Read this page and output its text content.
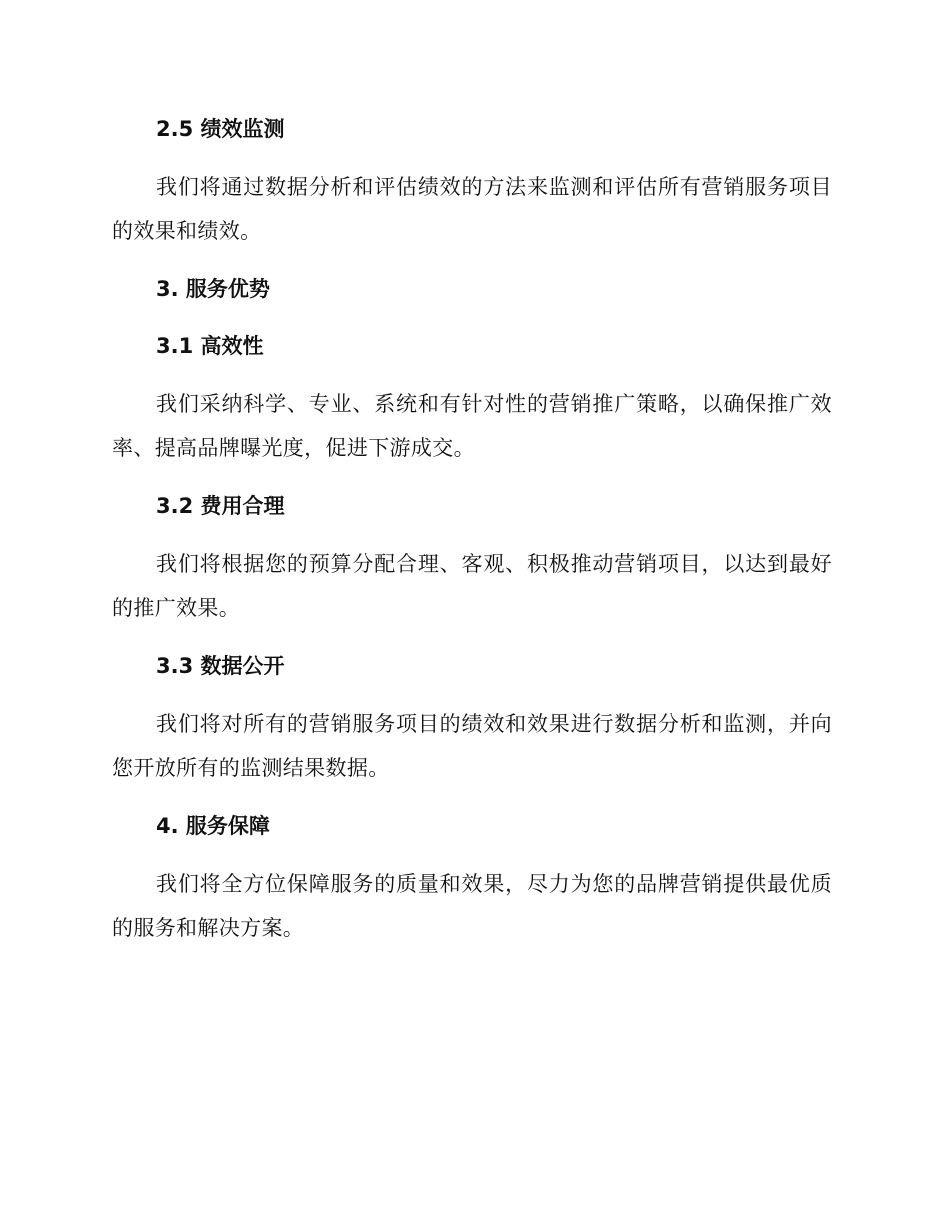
2.5 绩效监测

我们将通过数据分析和评估绩效的方法来监测和评估所有营销服务项目的效果和绩效。

3. 服务优势
3.1 高效性

我们采纳科学、专业、系统和有针对性的营销推广策略，以确保推广效率、提高品牌曝光度，促进下游成交。

3.2 费用合理

我们将根据您的预算分配合理、客观、积极推动营销项目，以达到最好的推广效果。

3.3 数据公开

我们将对所有的营销服务项目的绩效和效果进行数据分析和监测，并向您开放所有的监测结果数据。

4. 服务保障

我们将全方位保障服务的质量和效果，尽力为您的品牌营销提供最优质的服务和解决方案。
